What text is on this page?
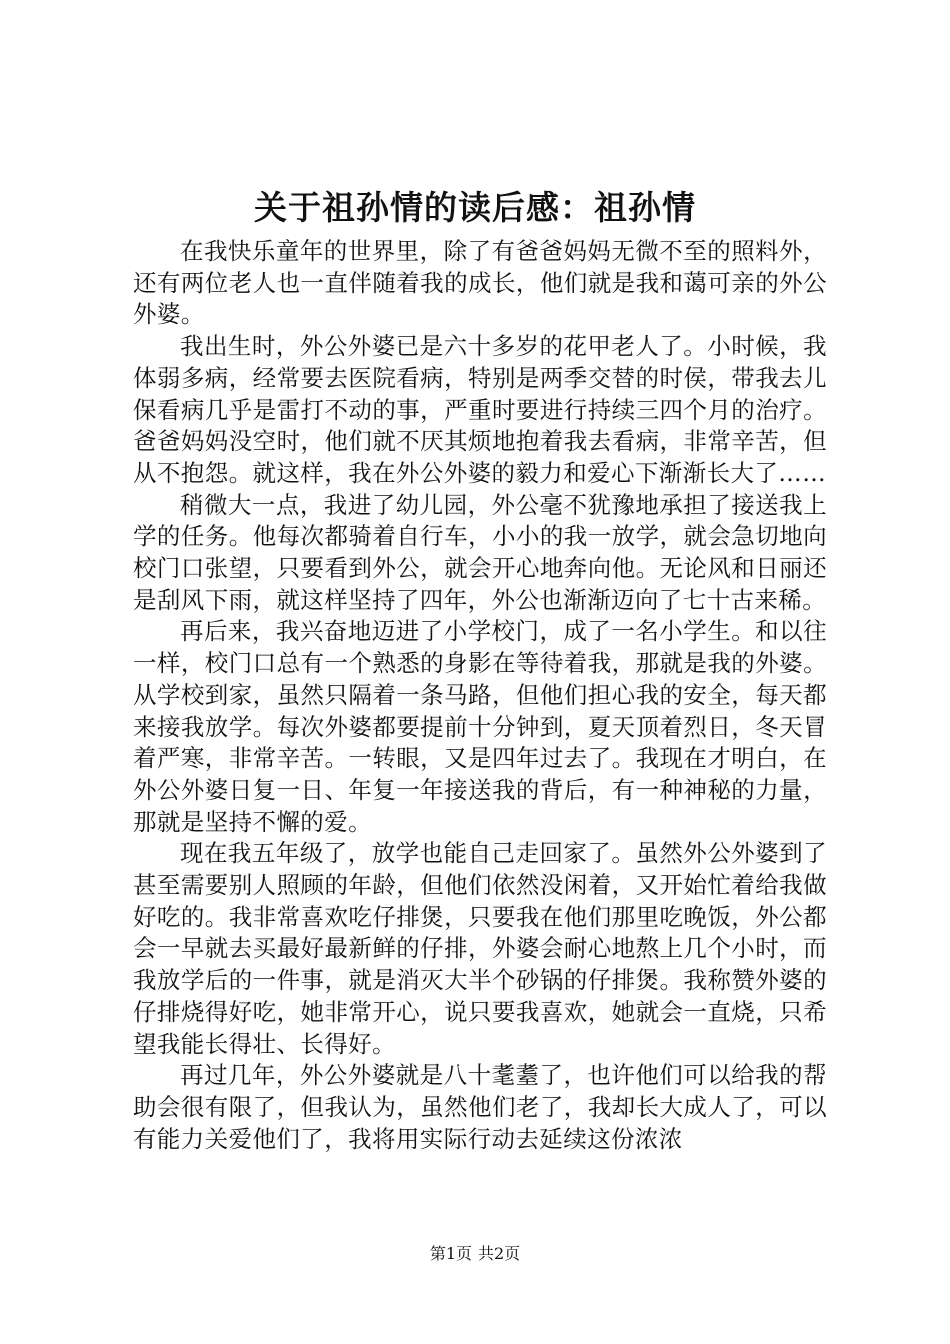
关于祖孙情的读后感：祖孙情

在我快乐童年的世界里，除了有爸爸妈妈无微不至的照料外，还有两位老人也一直伴随着我的成长，他们就是我和蔼可亲的外公外婆。

我出生时，外公外婆已是六十多岁的花甲老人了。小时候，我体弱多病，经常要去医院看病，特别是两季交替的时侯，带我去儿保看病几乎是雷打不动的事，严重时要进行持续三四个月的治疗。爸爸妈妈没空时，他们就不厌其烦地抱着我去看病，非常辛苦，但从不抱怨。就这样，我在外公外婆的毅力和爱心下渐渐长大了……

稍微大一点，我进了幼儿园，外公毫不犹豫地承担了接送我上学的任务。他每次都骑着自行车，小小的我一放学，就会急切地向校门口张望，只要看到外公，就会开心地奔向他。无论风和日丽还是刮风下雨，就这样坚持了四年，外公也渐渐迈向了七十古来稀。

再后来，我兴奋地迈进了小学校门，成了一名小学生。和以往一样，校门口总有一个熟悉的身影在等待着我，那就是我的外婆。从学校到家，虽然只隔着一条马路，但他们担心我的安全，每天都来接我放学。每次外婆都要提前十分钟到，夏天顶着烈日，冬天冒着严寒，非常辛苦。一转眼，又是四年过去了。我现在才明白，在外公外婆日复一日、年复一年接送我的背后，有一种神秘的力量，那就是坚持不懈的爱。

现在我五年级了，放学也能自己走回家了。虽然外公外婆到了甚至需要别人照顾的年龄，但他们依然没闲着，又开始忙着给我做好吃的。我非常喜欢吃仔排煲，只要我在他们那里吃晚饭，外公都会一早就去买最好最新鲜的仔排，外婆会耐心地熬上几个小时，而我放学后的一件事，就是消灭大半个砂锅的仔排煲。我称赞外婆的仔排烧得好吃，她非常开心，说只要我喜欢，她就会一直烧，只希望我能长得壮、长得好。

再过几年，外公外婆就是八十耄耋了，也许他们可以给我的帮助会很有限了，但我认为，虽然他们老了，我却长大成人了，可以有能力关爱他们了，我将用实际行动去延续这份浓浓

第1页 共2页
